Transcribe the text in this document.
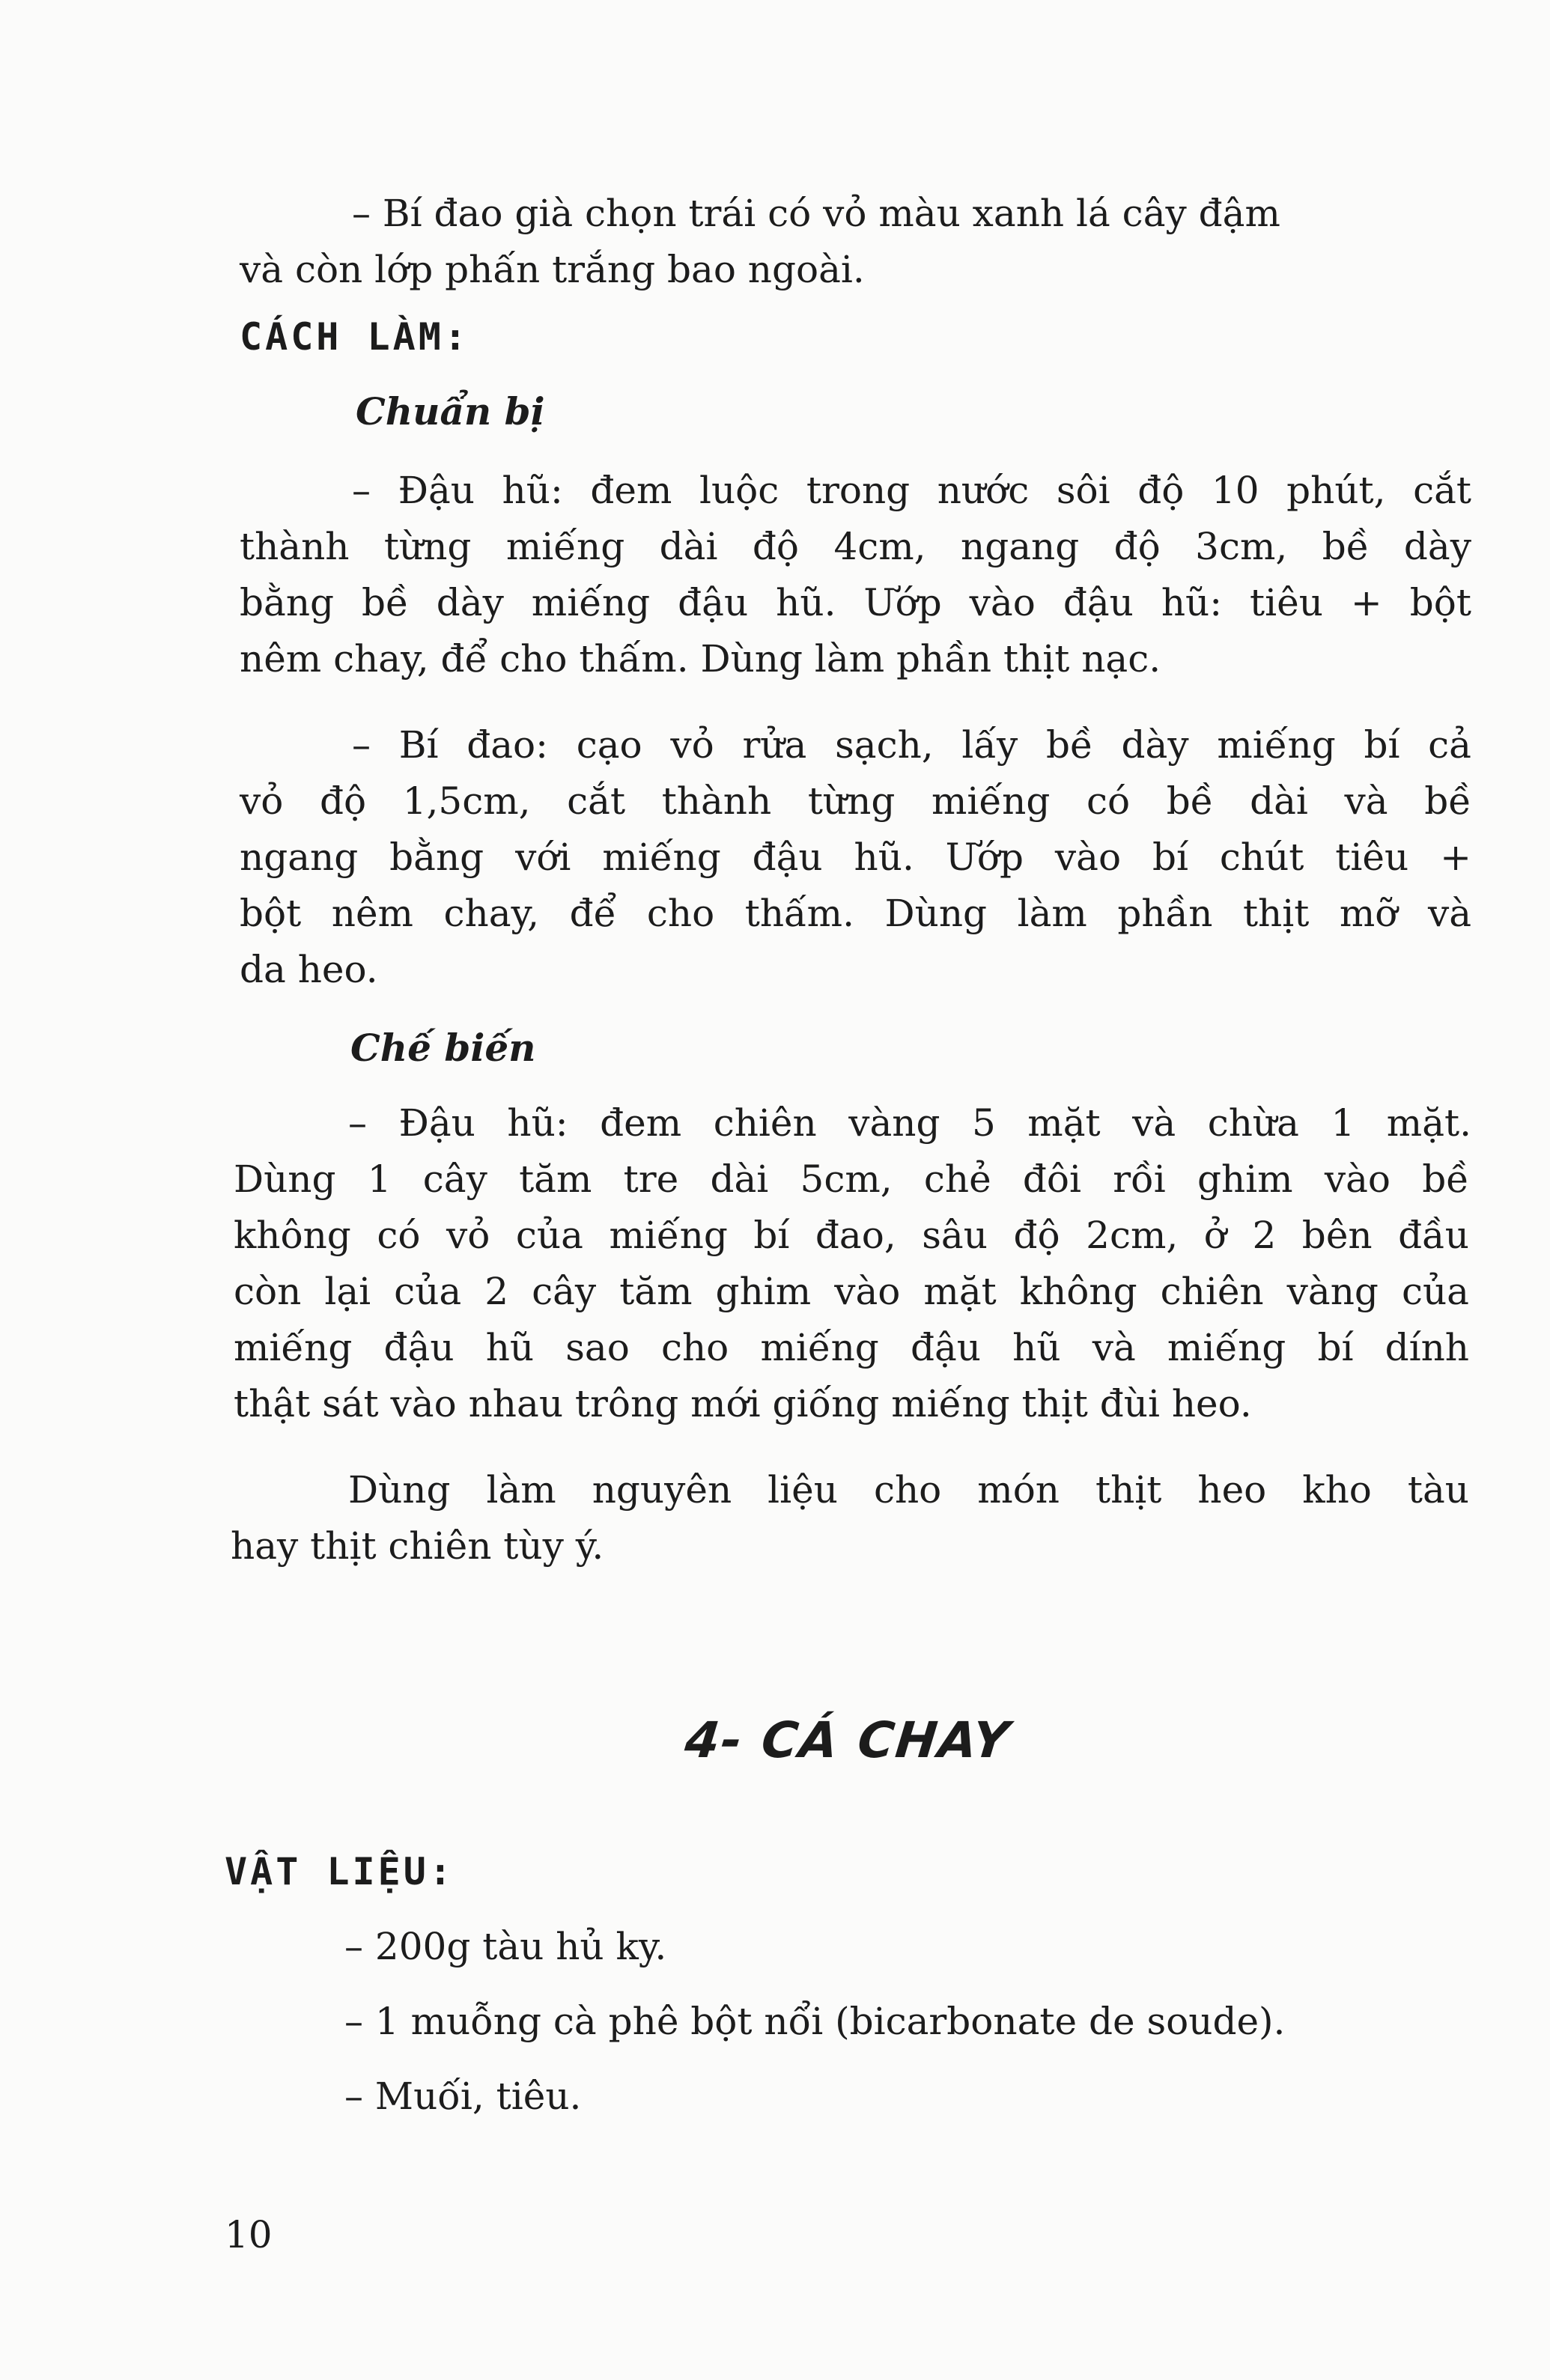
– Bí đao già chọn trái có vỏ màu xanh lá cây đậm
và còn lớp phấn trắng bao ngoài.
CÁCH LÀM:
Chuẩn bị
– Đậu hũ: đem luộc trong nước sôi độ 10 phút, cắt
thành từng miếng dài độ 4cm, ngang độ 3cm, bề dày
bằng bề dày miếng đậu hũ. Ướp vào đậu hũ: tiêu + bột
nêm chay, để cho thấm. Dùng làm phần thịt nạc.
– Bí đao: cạo vỏ rửa sạch, lấy bề dày miếng bí cả
vỏ độ 1,5cm, cắt thành từng miếng có bề dài và bề
ngang bằng với miếng đậu hũ. Ướp vào bí chút tiêu +
bột nêm chay, để cho thấm. Dùng làm phần thịt mỡ và
da heo.
Chế biến
– Đậu hũ: đem chiên vàng 5 mặt và chừa 1 mặt.
Dùng 1 cây tăm tre dài 5cm, chẻ đôi rồi ghim vào bề
không có vỏ của miếng bí đao, sâu độ 2cm, ở 2 bên đầu
còn lại của 2 cây tăm ghim vào mặt không chiên vàng của
miếng đậu hũ sao cho miếng đậu hũ và miếng bí dính
thật sát vào nhau trông mới giống miếng thịt đùi heo.
Dùng làm nguyên liệu cho món thịt heo kho tàu
hay thịt chiên tùy ý.
4- CÁ CHAY
VẬT LIỆU:
– 200g tàu hủ ky.
– 1 muỗng cà phê bột nổi (bicarbonate de soude).
– Muối, tiêu.
10
